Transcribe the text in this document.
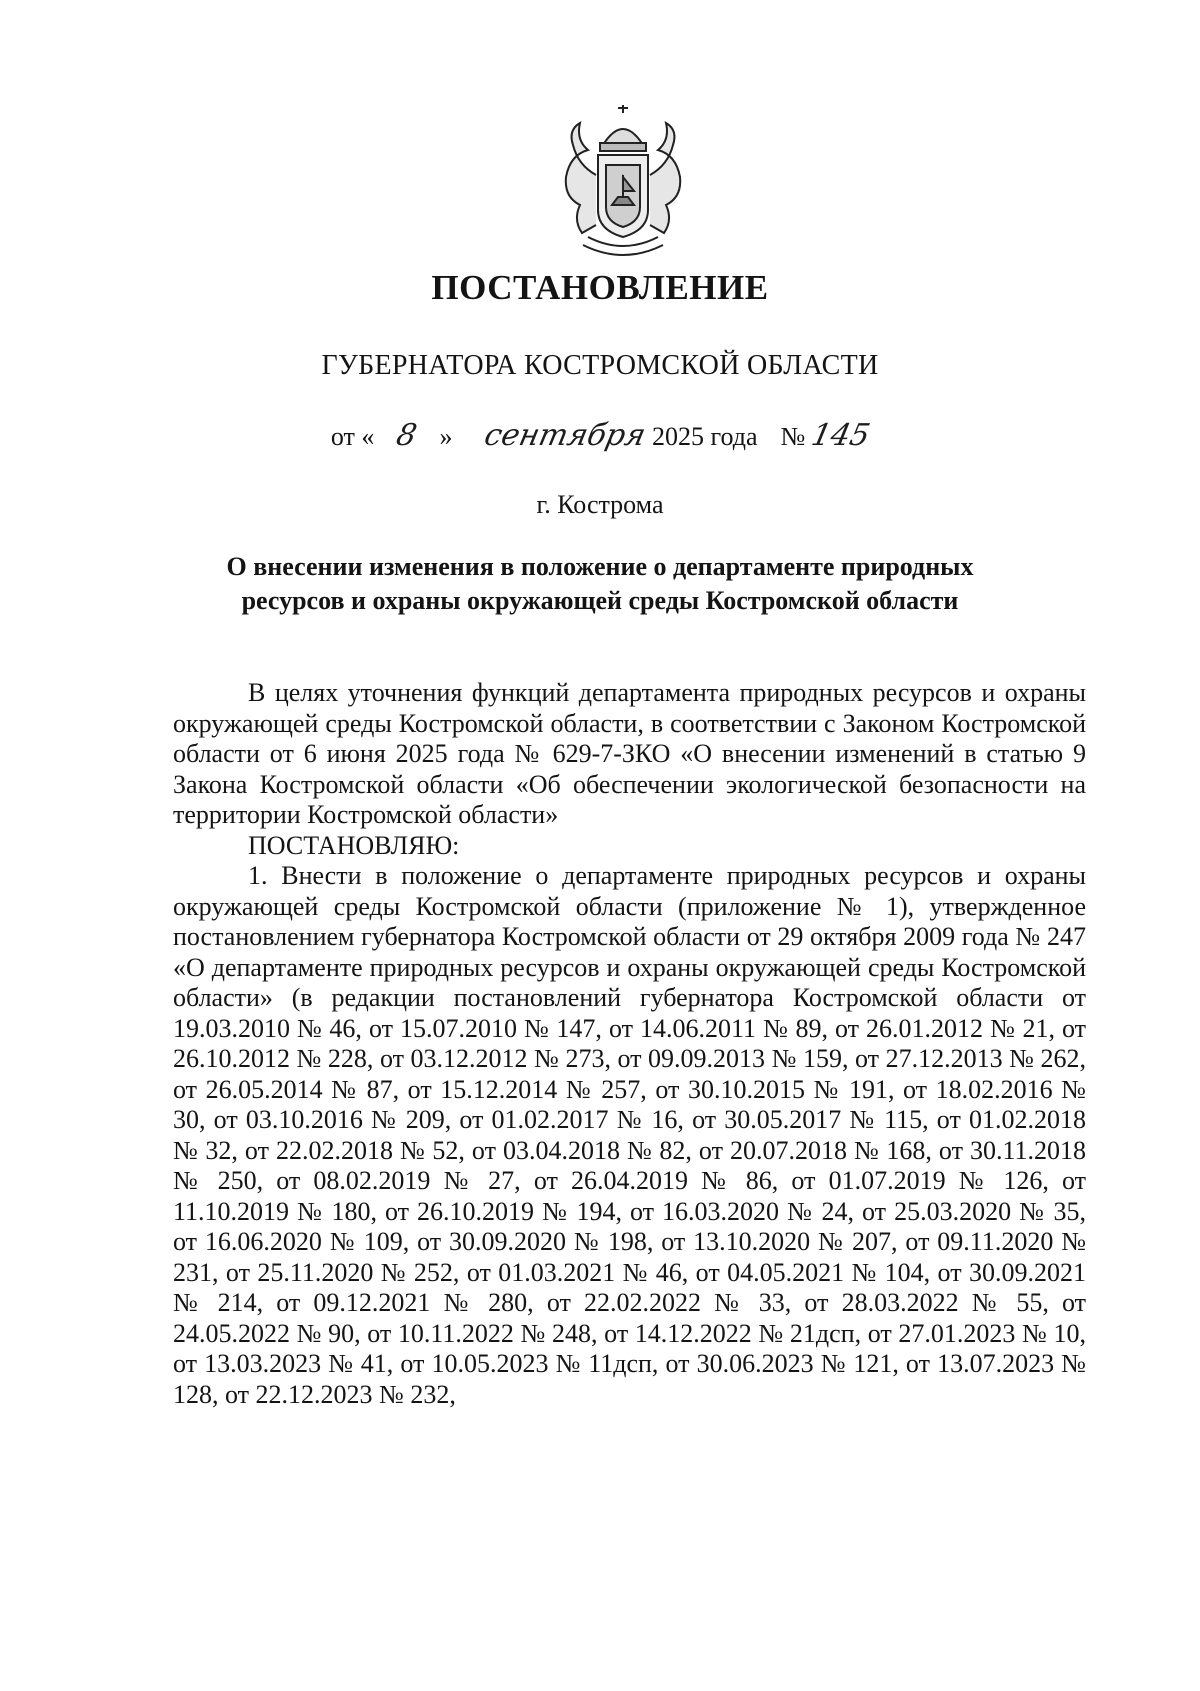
ПОСТАНОВЛЕНИЕ
ГУБЕРНАТОРА КОСТРОМСКОЙ ОБЛАСТИ
от « 8 » сентября 2025 года № 145
г. Кострома
О внесении изменения в положение о департаменте природных ресурсов и охраны окружающей среды Костромской области

В целях уточнения функций департамента природных ресурсов и охраны окружающей среды Костромской области, в соответствии с Законом Костромской области от 6 июня 2025 года № 629-7-ЗКО «О внесении изменений в статью 9 Закона Костромской области «Об обеспечении экологической безопасности на территории Костромской области»

ПОСТАНОВЛЯЮ:

1. Внести в положение о департаменте природных ресурсов и охраны окружающей среды Костромской области (приложение № 1), утвержденное постановлением губернатора Костромской области от 29 октября 2009 года № 247 «О департаменте природных ресурсов и охраны окружающей среды Костромской области» (в редакции постановлений губернатора Костромской области от 19.03.2010 № 46, от 15.07.2010 № 147, от 14.06.2011 № 89, от 26.01.2012 № 21, от 26.10.2012 № 228, от 03.12.2012 № 273, от 09.09.2013 № 159, от 27.12.2013 № 262, от 26.05.2014 № 87, от 15.12.2014 № 257, от 30.10.2015 № 191, от 18.02.2016 № 30, от 03.10.2016 № 209, от 01.02.2017 № 16, от 30.05.2017 № 115, от 01.02.2018 № 32, от 22.02.2018 № 52, от 03.04.2018 № 82, от 20.07.2018 № 168, от 30.11.2018 № 250, от 08.02.2019 № 27, от 26.04.2019 № 86, от 01.07.2019 № 126, от 11.10.2019 № 180, от 26.10.2019 № 194, от 16.03.2020 № 24, от 25.03.2020 № 35, от 16.06.2020 № 109, от 30.09.2020 № 198, от 13.10.2020 № 207, от 09.11.2020 № 231, от 25.11.2020 № 252, от 01.03.2021 № 46, от 04.05.2021 № 104, от 30.09.2021 № 214, от 09.12.2021 № 280, от 22.02.2022 № 33, от 28.03.2022 № 55, от 24.05.2022 № 90, от 10.11.2022 № 248, от 14.12.2022 № 21дсп, от 27.01.2023 № 10, от 13.03.2023 № 41, от 10.05.2023 № 11дсп, от 30.06.2023 № 121, от 13.07.2023 № 128, от 22.12.2023 № 232,
